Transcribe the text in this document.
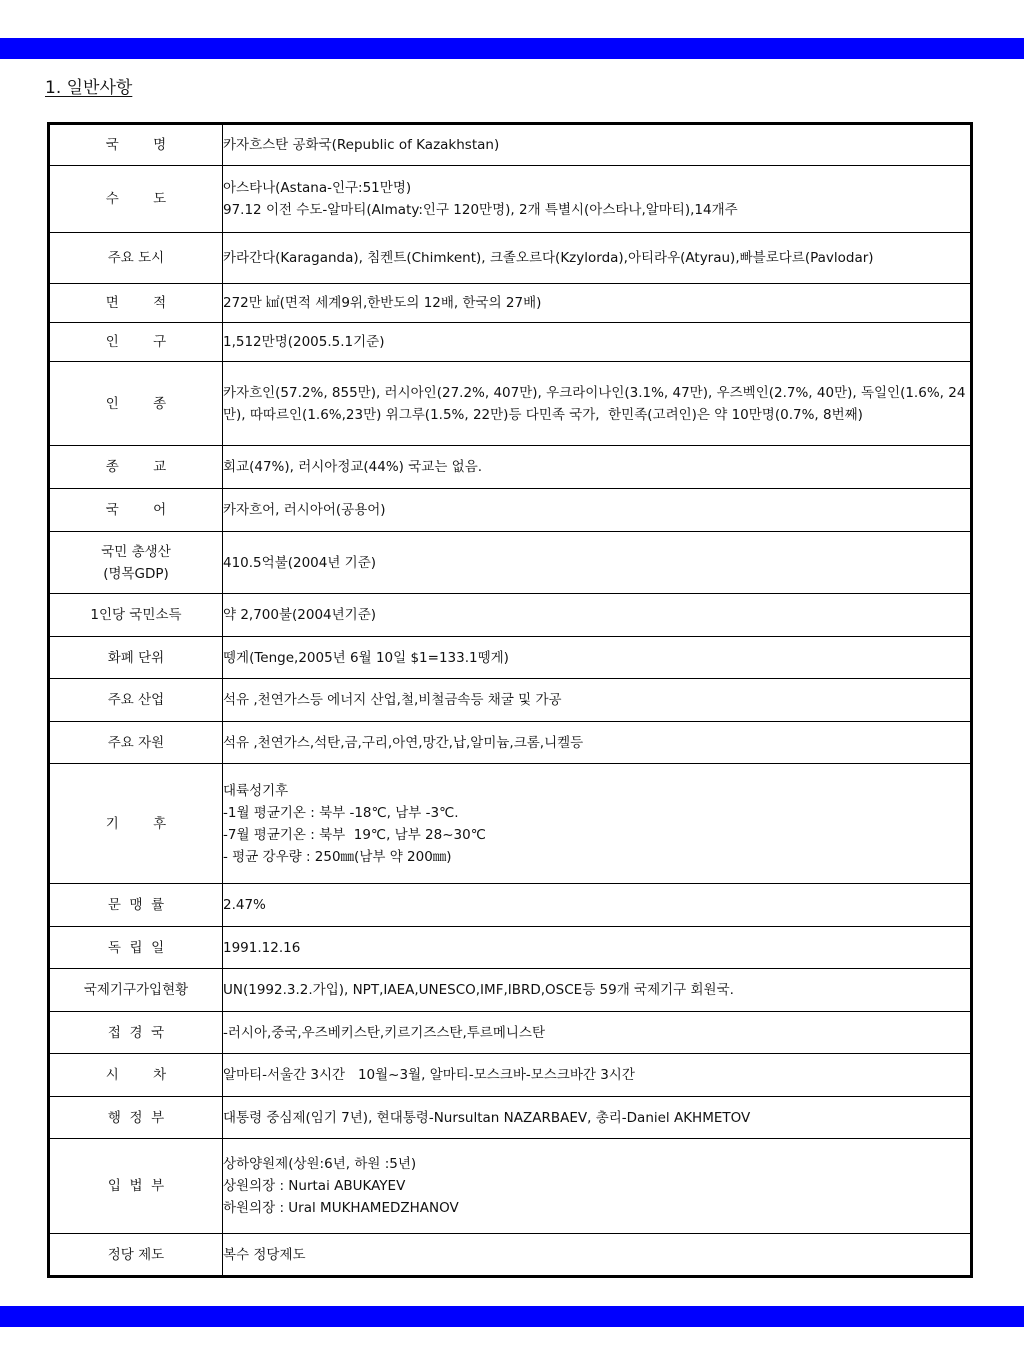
1. 일반사항
국        명	카자흐스탄 공화국(Republic of Kazakhstan)

수        도	아스타나(Astana-인구:51만명)
97.12 이전 수도-알마티(Almaty:인구 120만명), 2개 특별시(아스타나,알마티),14개주

주요 도시	카라간다(Karaganda), 침켄트(Chimkent), 크졸오르다(Kzylorda),아티라우(Atyrau),빠블로다르(Pavlodar)

면        적	272만 ㎢(면적 세계9위,한반도의 12배, 한국의 27배)

인        구	1,512만명(2005.5.1기준)

인        종	카자흐인(57.2%, 855만), 러시아인(27.2%, 407만), 우크라이나인(3.1%, 47만), 우즈벡인(2.7%, 40만), 독일인(1.6%, 24만), 따따르인(1.6%,23만) 위그루(1.5%, 22만)등 다민족 국가,  한민족(고려인)은 약 10만명(0.7%, 8번째)

종        교	회교(47%), 러시아정교(44%) 국교는 없음.

국        어	카자흐어, 러시아어(공용어)

국민 총생산
(명목GDP)	410.5억불(2004년 기준)

1인당 국민소득	약 2,700불(2004년기준)

화폐 단위	뗑게(Tenge,2005년 6월 10일 $1=133.1뗑게)

주요 산업	석유 ,천연가스등 에너지 산업,철,비철금속등 채굴 및 가공

주요 자원	석유 ,천연가스,석탄,금,구리,아연,망간,납,알미늄,크롬,니켈등

기        후	대륙성기후
-1월 평균기온 : 북부 -18℃, 남부 -3℃.
-7월 평균기온 : 북부  19℃, 남부 28~30℃
- 평균 강우량 : 250㎜(남부 약 200㎜)

문  맹  률	2.47%

독  립  일	1991.12.16

국제기구가입현황	UN(1992.3.2.가입), NPT,IAEA,UNESCO,IMF,IBRD,OSCE등 59개 국제기구 회원국.

접  경  국	-러시아,중국,우즈베키스탄,키르기즈스탄,투르메니스탄

시        차	알마티-서울간 3시간   10월~3월, 알마티-모스크바-모스크바간 3시간

행  정  부	대통령 중심제(임기 7년), 현대통령-Nursultan NAZARBAEV, 총리-Daniel AKHMETOV

입  법  부	상하양원제(상원:6년, 하원 :5년)
상원의장 : Nurtai ABUKAYEV
하원의장 : Ural MUKHAMEDZHANOV

정당 제도	복수 정당제도
